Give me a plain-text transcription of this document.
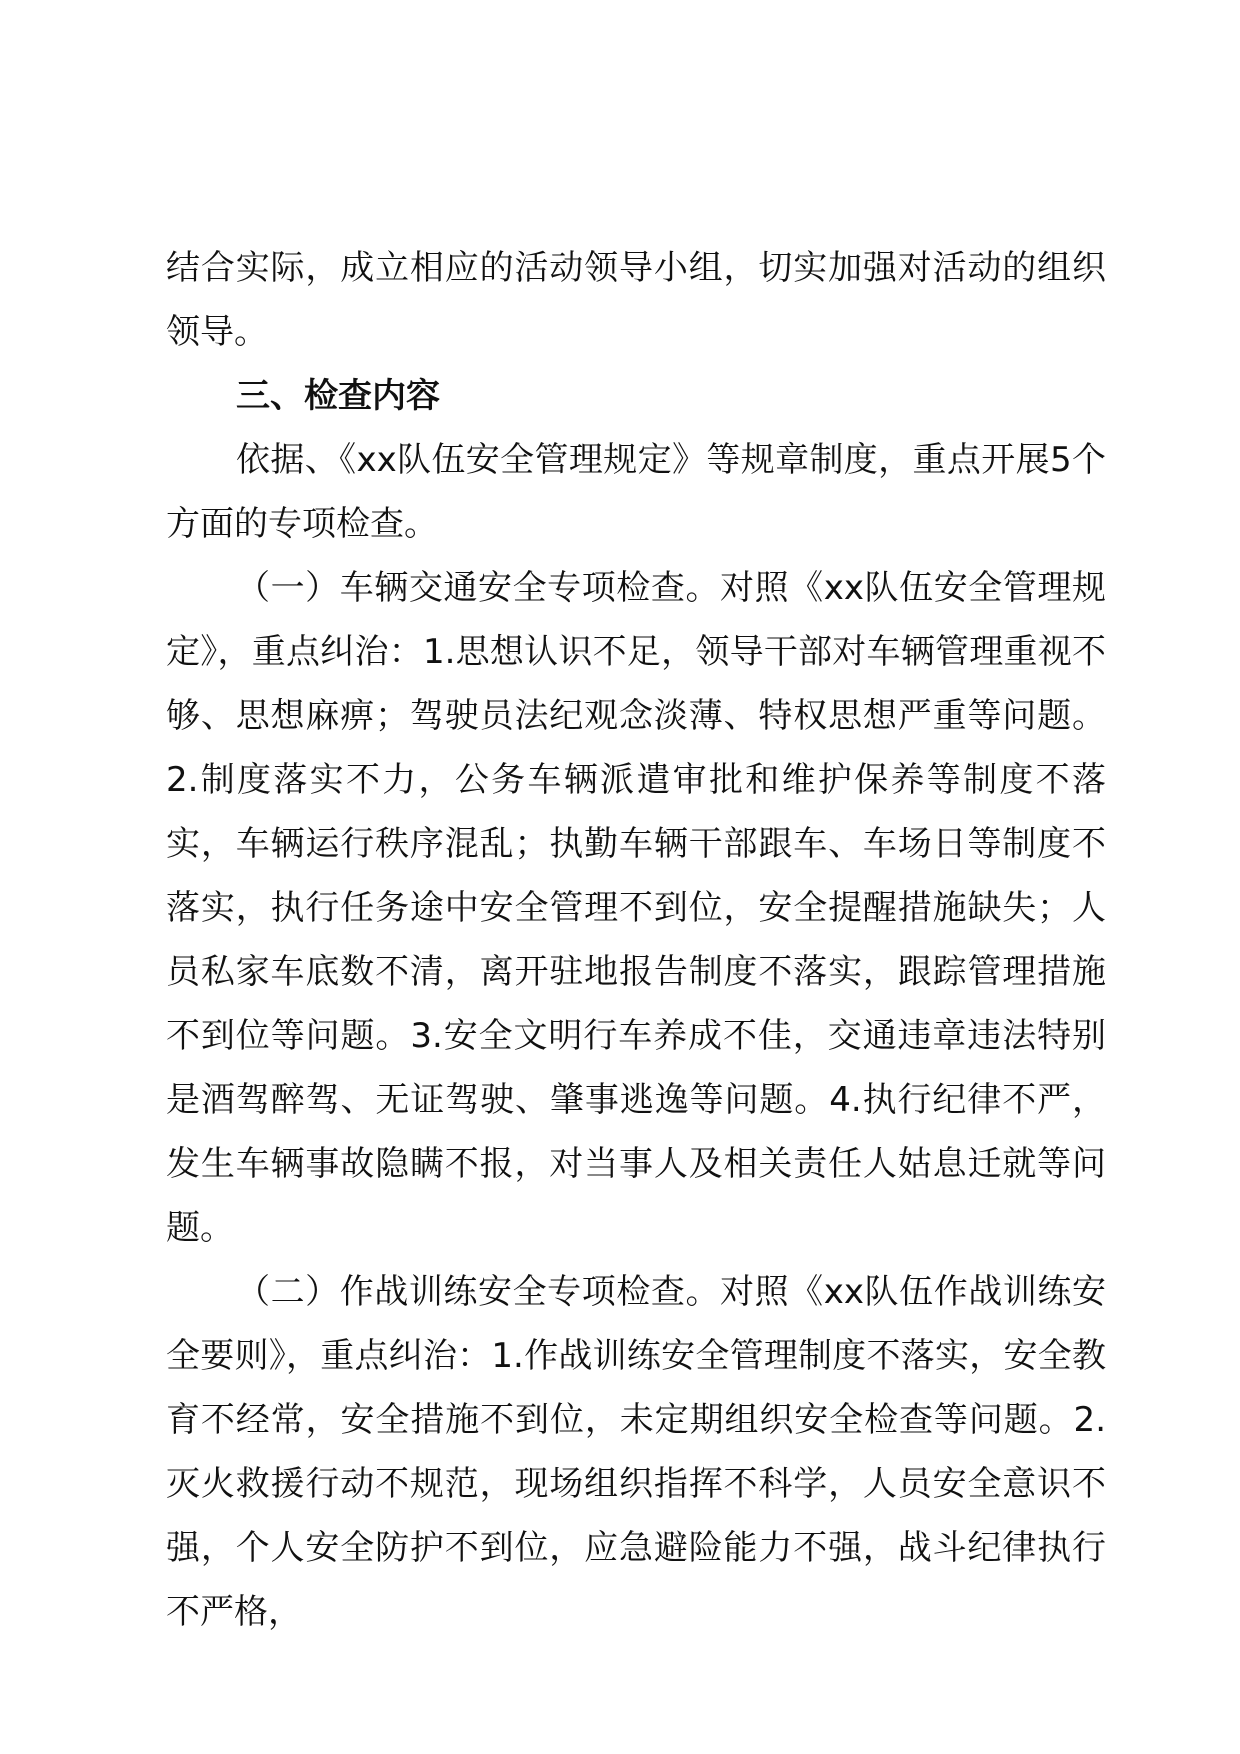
结合实际，成立相应的活动领导小组，切实加强对活动的组织领导。

三、检查内容

依据、《xx队伍安全管理规定》等规章制度，重点开展5个方面的专项检查。

（一）车辆交通安全专项检查。对照《xx队伍安全管理规定》，重点纠治：1.思想认识不足，领导干部对车辆管理重视不够、思想麻痹；驾驶员法纪观念淡薄、特权思想严重等问题。2.制度落实不力，公务车辆派遣审批和维护保养等制度不落实，车辆运行秩序混乱；执勤车辆干部跟车、车场日等制度不落实，执行任务途中安全管理不到位，安全提醒措施缺失；人员私家车底数不清，离开驻地报告制度不落实，跟踪管理措施不到位等问题。3.安全文明行车养成不佳，交通违章违法特别是酒驾醉驾、无证驾驶、肇事逃逸等问题。4.执行纪律不严，发生车辆事故隐瞒不报，对当事人及相关责任人姑息迁就等问题。

（二）作战训练安全专项检查。对照《xx队伍作战训练安全要则》，重点纠治：1.作战训练安全管理制度不落实，安全教育不经常，安全措施不到位，未定期组织安全检查等问题。2.灭火救援行动不规范，现场组织指挥不科学，人员安全意识不强，个人安全防护不到位，应急避险能力不强，战斗纪律执行不严格，
